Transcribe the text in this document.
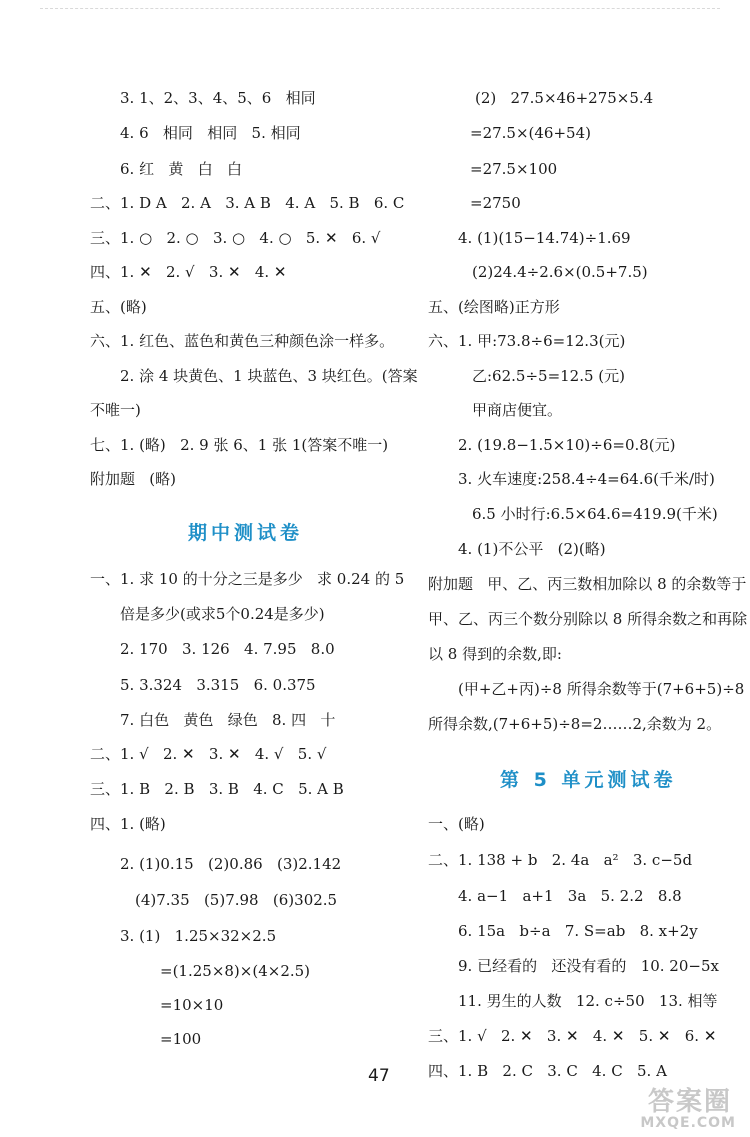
3. 1、2、3、4、5、6   相同
4. 6   相同   相同   5. 相同
6. 红   黄   白   白
二、1. D A   2. A   3. A B   4. A   5. B   6. C
三、1. ○   2. ○   3. ○   4. ○   5. ✕   6. √
四、1. ✕   2. √   3. ✕   4. ✕
五、(略)
六、1. 红色、蓝色和黄色三种颜色涂一样多。
2. 涂 4 块黄色、1 块蓝色、3 块红色。(答案
不唯一)
七、1. (略)   2. 9 张 6、1 张 1(答案不唯一)
附加题   (略)
期中测试卷
一、1. 求 10 的十分之三是多少   求 0.24 的 5
倍是多少(或求5个0.24是多少)
2. 170   3. 126   4. 7.95   8.0
5. 3.324   3.315   6. 0.375
7. 白色   黄色   绿色   8. 四   十
二、1. √   2. ✕   3. ✕   4. √   5. √
三、1. B   2. B   3. B   4. C   5. A B
四、1. (略)
2. (1)0.15   (2)0.86   (3)2.142
(4)7.35   (5)7.98   (6)302.5
3. (1)   1.25×32×2.5
=(1.25×8)×(4×2.5)
=10×10
=100
(2)   27.5×46+275×5.4
=27.5×(46+54)
=27.5×100
=2750
4. (1)(15−14.74)÷1.69
(2)24.4÷2.6×(0.5+7.5)
五、(绘图略)正方形
六、1. 甲:73.8÷6=12.3(元)
乙:62.5÷5=12.5 (元)
甲商店便宜。
2. (19.8−1.5×10)÷6=0.8(元)
3. 火车速度:258.4÷4=64.6(千米/时)
6.5 小时行:6.5×64.6=419.9(千米)
4. (1)不公平   (2)(略)
附加题   甲、乙、丙三数相加除以 8 的余数等于
甲、乙、丙三个数分别除以 8 所得余数之和再除
以 8 得到的余数,即:
(甲+乙+丙)÷8 所得余数等于(7+6+5)÷8
所得余数,(7+6+5)÷8=2……2,余数为 2。
第 5 单元测试卷
一、(略)
二、1. 138 + b   2. 4a   a²   3. c−5d
4. a−1   a+1   3a   5. 2.2   8.8
6. 15a   b÷a   7. S=ab   8. x+2y
9. 已经看的   还没有看的   10. 20−5x
11. 男生的人数   12. c÷50   13. 相等
三、1. √   2. ✕   3. ✕   4. ✕   5. ✕   6. ✕
四、1. B   2. C   3. C   4. C   5. A
47
答案圈
MXQE.COM
